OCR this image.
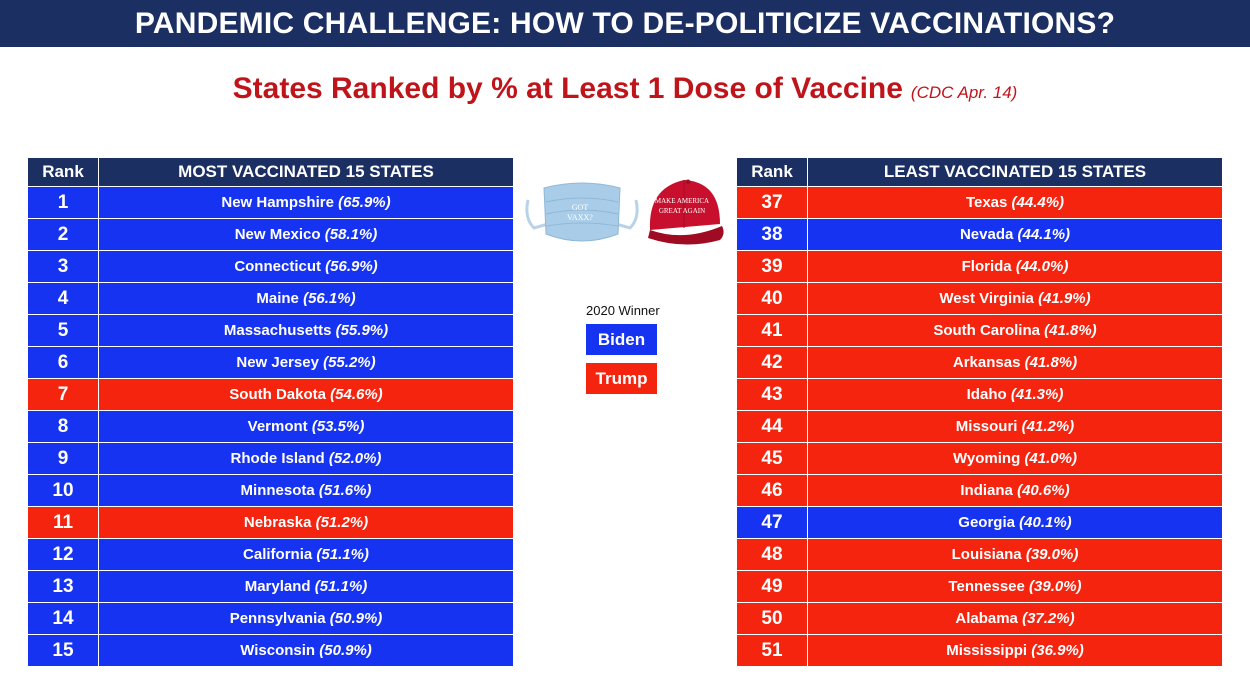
PANDEMIC CHALLENGE: HOW TO DE-POLITICIZE VACCINATIONS?
States Ranked by % at Least 1 Dose of Vaccine (CDC Apr. 14)
Rank	MOST VACCINATED 15 STATES
1	New Hampshire (65.9%)
2	New Mexico (58.1%)
3	Connecticut (56.9%)
4	Maine (56.1%)
5	Massachusetts (55.9%)
6	New Jersey (55.2%)
7	South Dakota (54.6%)
8	Vermont (53.5%)
9	Rhode Island (52.0%)
10	Minnesota (51.6%)
11	Nebraska (51.2%)
12	California (51.1%)
13	Maryland (51.1%)
14	Pennsylvania (50.9%)
15	Wisconsin (50.9%)
GOT
VAXX?
MAKE AMERICA
GREAT AGAIN
2020 Winner
Biden
Trump
Rank	LEAST VACCINATED 15 STATES
37	Texas (44.4%)
38	Nevada (44.1%)
39	Florida (44.0%)
40	West Virginia (41.9%)
41	South Carolina (41.8%)
42	Arkansas (41.8%)
43	Idaho (41.3%)
44	Missouri (41.2%)
45	Wyoming (41.0%)
46	Indiana (40.6%)
47	Georgia (40.1%)
48	Louisiana (39.0%)
49	Tennessee (39.0%)
50	Alabama (37.2%)
51	Mississippi (36.9%)
